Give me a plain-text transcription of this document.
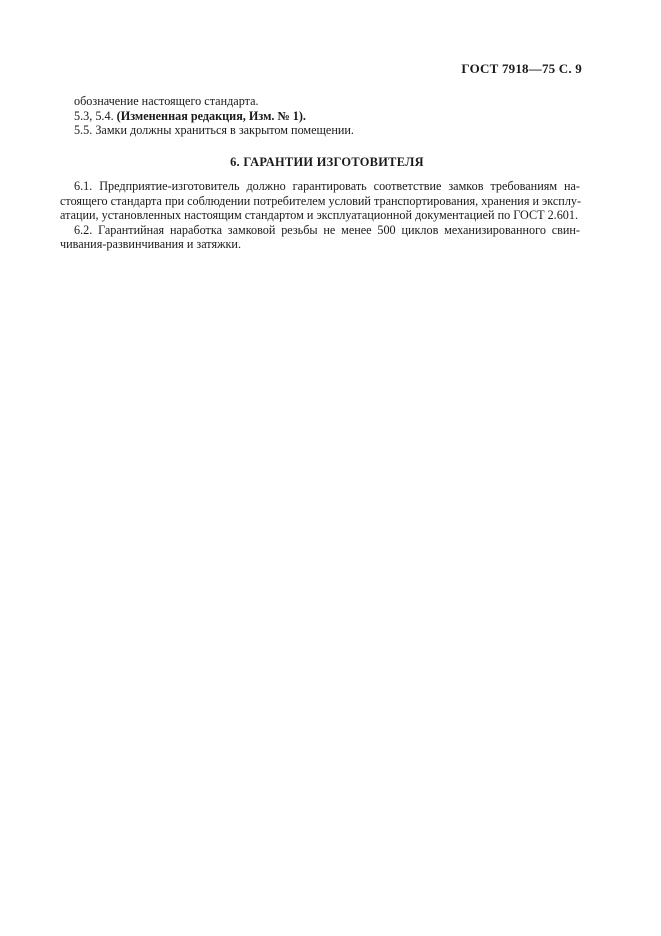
ГОСТ 7918—75 С. 9
обозначение настоящего стандарта.
5.3, 5.4. (Измененная редакция, Изм. № 1).
5.5. Замки должны храниться в закрытом помещении.
6. ГАРАНТИИ ИЗГОТОВИТЕЛЯ
6.1. Предприятие-изготовитель должно гарантировать соответствие замков требованиям на-
стоящего стандарта при соблюдении потребителем условий транспортирования, хранения и эксплу-
атации, установленных настоящим стандартом и эксплуатационной документацией по ГОСТ 2.601.
6.2. Гарантийная наработка замковой резьбы не менее 500 циклов механизированного свин-
чивания-развинчивания и затяжки.
